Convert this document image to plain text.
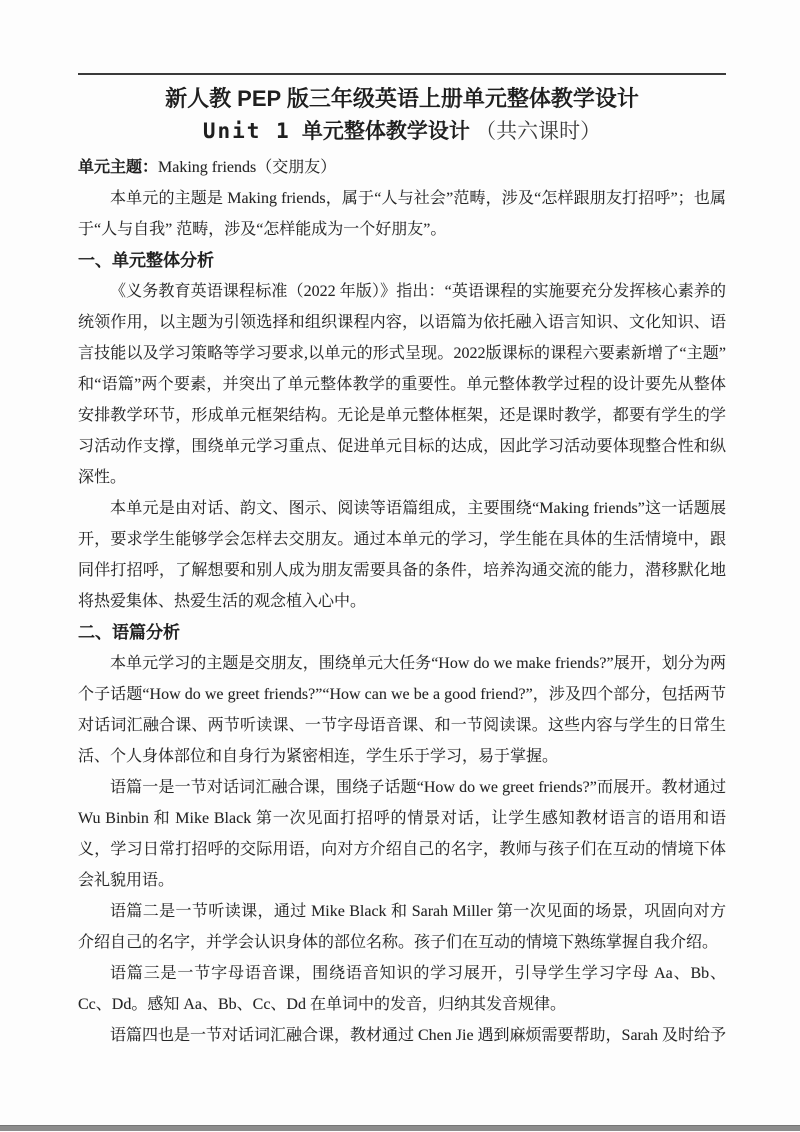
新人教 PEP 版三年级英语上册单元整体教学设计
Unit 1 单元整体教学设计 （共六课时）

单元主题：Making friends（交朋友）

本单元的主题是 Making friends，属于“人与社会”范畴，涉及“怎样跟朋友打招呼”；也属于“人与自我” 范畴，涉及“怎样能成为一个好朋友”。

一、单元整体分析

《义务教育英语课程标准（2022 年版）》指出：“英语课程的实施要充分发挥核心素养的统领作用，以主题为引领选择和组织课程内容，以语篇为依托融入语言知识、文化知识、语言技能以及学习策略等学习要求,以单元的形式呈现。2022版课标的课程六要素新增了“主题”和“语篇”两个要素，并突出了单元整体教学的重要性。单元整体教学过程的设计要先从整体安排教学环节，形成单元框架结构。无论是单元整体框架，还是课时教学，都要有学生的学习活动作支撑，围绕单元学习重点、促进单元目标的达成，因此学习活动要体现整合性和纵深性。

本单元是由对话、韵文、图示、阅读等语篇组成，主要围绕“Making friends”这一话题展开，要求学生能够学会怎样去交朋友。通过本单元的学习，学生能在具体的生活情境中，跟同伴打招呼，了解想要和别人成为朋友需要具备的条件，培养沟通交流的能力，潜移默化地将热爱集体、热爱生活的观念植入心中。

二、语篇分析

本单元学习的主题是交朋友，围绕单元大任务“How do we make friends?”展开，划分为两个子话题“How do we greet friends?”“How can we be a good friend?”，涉及四个部分，包括两节对话词汇融合课、两节听读课、一节字母语音课、和一节阅读课。这些内容与学生的日常生活、个人身体部位和自身行为紧密相连，学生乐于学习，易于掌握。

语篇一是一节对话词汇融合课，围绕子话题“How do we greet friends?”而展开。教材通过 Wu Binbin 和 Mike Black 第一次见面打招呼的情景对话，让学生感知教材语言的语用和语义，学习日常打招呼的交际用语，向对方介绍自己的名字，教师与孩子们在互动的情境下体会礼貌用语。

语篇二是一节听读课，通过 Mike Black 和 Sarah Miller 第一次见面的场景，巩固向对方介绍自己的名字，并学会认识身体的部位名称。孩子们在互动的情境下熟练掌握自我介绍。

语篇三是一节字母语音课，围绕语音知识的学习展开，引导学生学习字母 Aa、Bb、Cc、Dd。感知 Aa、Bb、Cc、Dd 在单词中的发音，归纳其发音规律。

语篇四也是一节对话词汇融合课，教材通过 Chen Jie 遇到麻烦需要帮助，Sarah 及时给予
